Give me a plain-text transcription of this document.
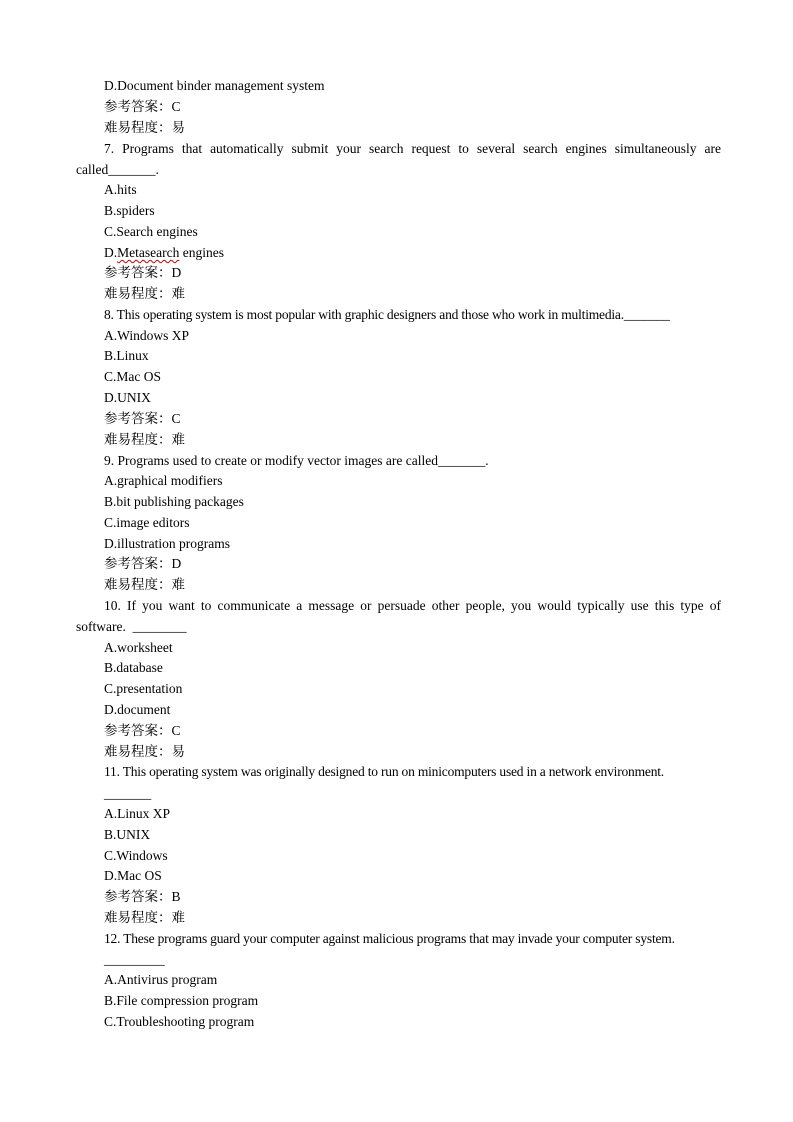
D.Document binder management system
参考答案：C
难易程度：易
7. Programs that automatically submit your search request to several search engines simultaneously are
called_______.
A.hits
B.spiders
C.Search engines
D.Metasearch engines
参考答案：D
难易程度：难
8. This operating system is most popular with graphic designers and those who work in multimedia._______
A.Windows XP
B.Linux
C.Mac OS
D.UNIX
参考答案：C
难易程度：难
9. Programs used to create or modify vector images are called_______.
A.graphical modifiers
B.bit publishing packages
C.image editors
D.illustration programs
参考答案：D
难易程度：难
10. If you want to communicate a message or persuade other people, you would typically use this type of
software.  ________
A.worksheet
B.database
C.presentation
D.document
参考答案：C
难易程度：易
11. This operating system was originally designed to run on minicomputers used in a network environment.
_______
A.Linux XP
B.UNIX
C.Windows
D.Mac OS
参考答案：B
难易程度：难
12. These programs guard your computer against malicious programs that may invade your computer system.
_________
A.Antivirus program
B.File compression program
C.Troubleshooting program
